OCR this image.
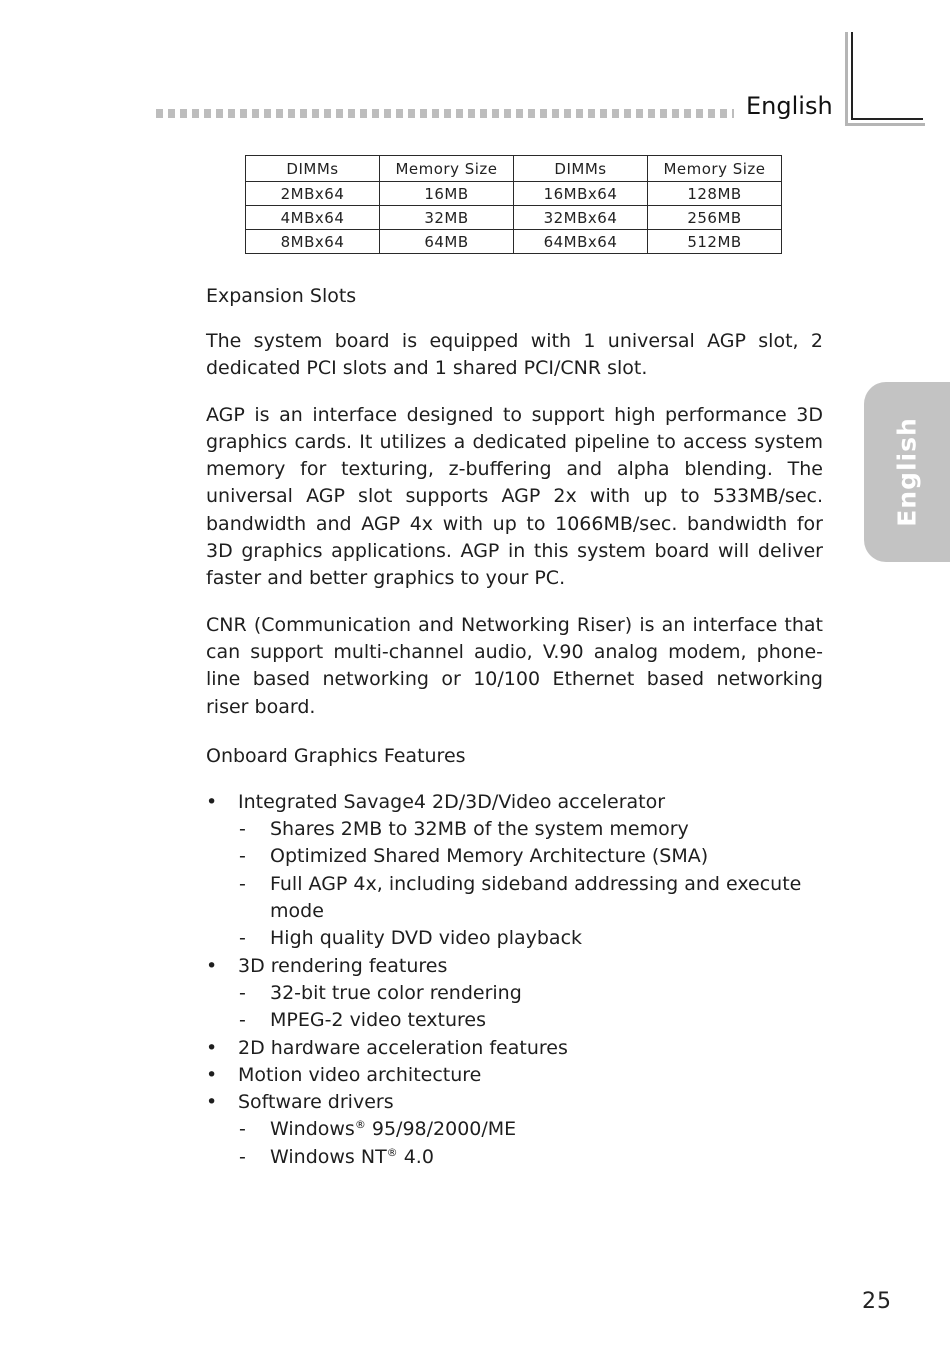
English
English
DIMMs	Memory Size	DIMMs	Memory Size
2MBx64	16MB	16MBx64	128MB
4MBx64	32MB	32MBx64	256MB
8MBx64	64MB	64MBx64	512MB
Expansion Slots

The system board is equipped with 1 universal AGP slot, 2 dedicated PCI slots and 1 shared PCI/CNR slot.

AGP is an interface designed to support high performance 3D graphics cards. It utilizes a dedicated pipeline to access system memory for texturing, z-buffering and alpha blending. The universal AGP slot supports AGP 2x with up to 533MB/sec. bandwidth and AGP 4x with up to 1066MB/sec. bandwidth for 3D graphics applications. AGP in this system board will deliver faster and better graphics to your PC.

CNR (Communication and Networking Riser) is an interface that can support multi-channel audio, V.90 analog modem, phone-line based networking or 10/100 Ethernet based networking riser board.

Onboard Graphics Features
• Integrated Savage4 2D/3D/Video accelerator
- Shares 2MB to 32MB of the system memory
- Optimized Shared Memory Architecture (SMA)
- Full AGP 4x, including sideband addressing and execute mode
- High quality DVD video playback
• 3D rendering features
- 32-bit true color rendering
- MPEG-2 video textures
• 2D hardware acceleration features
• Motion video architecture
• Software drivers
- Windows® 95/98/2000/ME
- Windows NT® 4.0
25
